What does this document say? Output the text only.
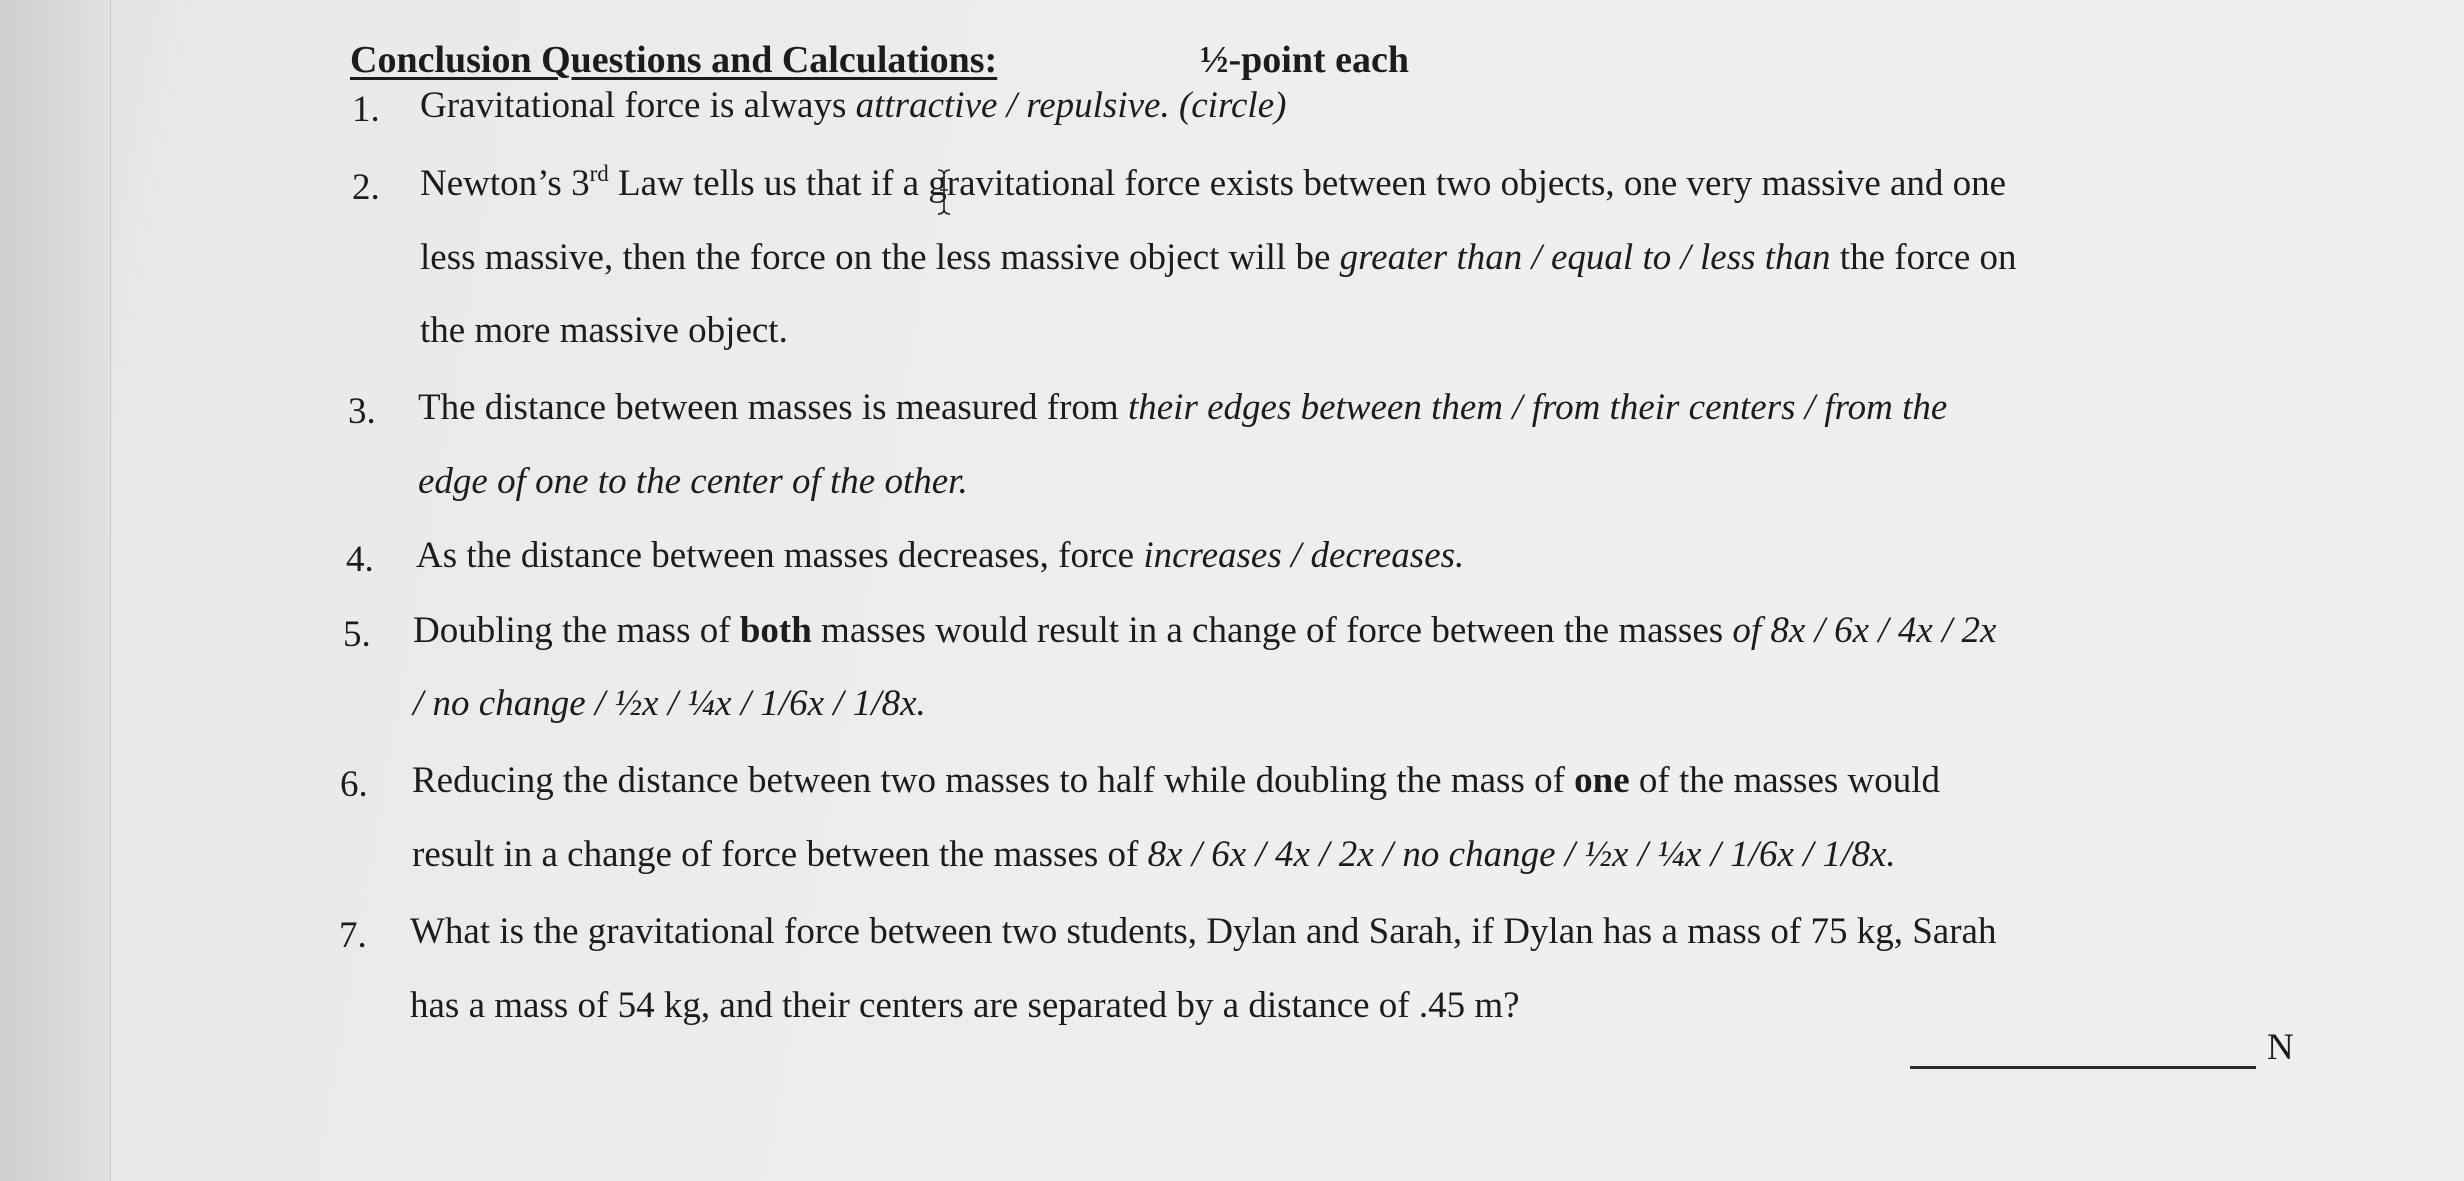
Conclusion Questions and Calculations:	½-point each
1. Gravitational force is always attractive / repulsive. (circle)
2. Newton’s 3rd Law tells us that if a gravitational force exists between two objects, one very massive and one
less massive, then the force on the less massive object will be greater than / equal to / less than the force on
the more massive object.
3. The distance between masses is measured from their edges between them / from their centers / from the
edge of one to the center of the other.
4. As the distance between masses decreases, force increases / decreases.
5. Doubling the mass of both masses would result in a change of force between the masses of 8x / 6x / 4x / 2x
/ no change / ½x / ¼x / 1/6x / 1/8x.
6. Reducing the distance between two masses to half while doubling the mass of one of the masses would
result in a change of force between the masses of 8x / 6x / 4x / 2x / no change / ½x / ¼x / 1/6x / 1/8x.
7. What is the gravitational force between two students, Dylan and Sarah, if Dylan has a mass of 75 kg, Sarah
has a mass of 54 kg, and their centers are separated by a distance of .45 m?
N
